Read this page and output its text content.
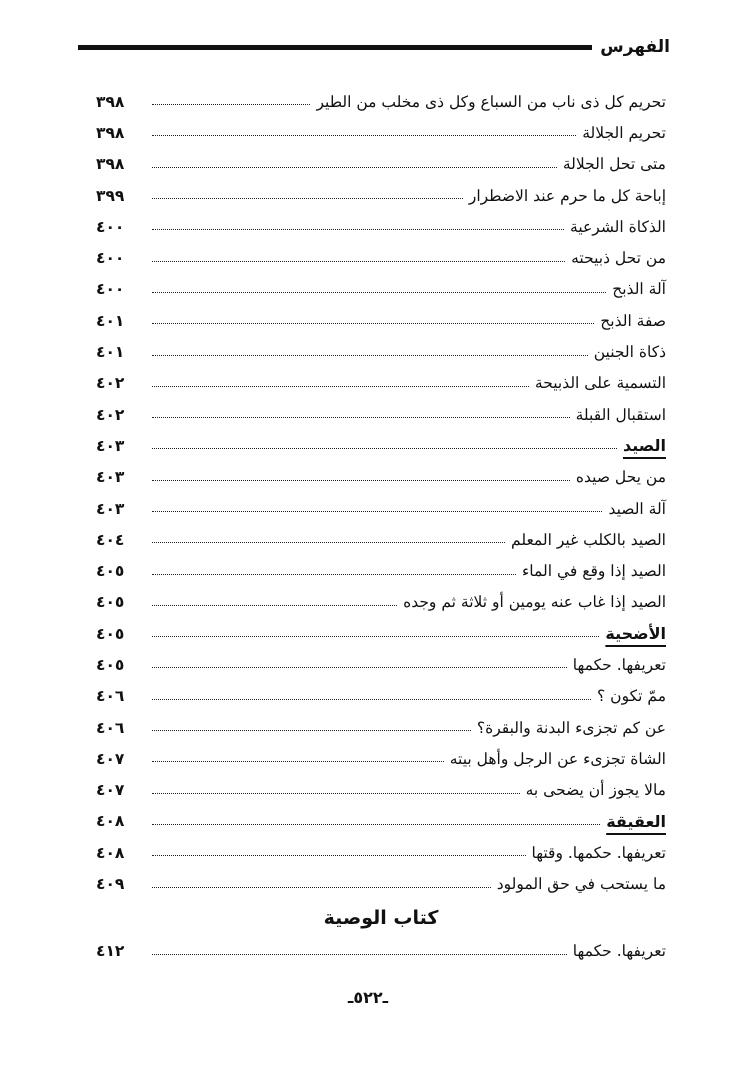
الفهرس
تحريم كل ذى ناب من السباع وكل ذى مخلب من الطير
٣٩٨
تحريم الجلالة
٣٩٨
متى تحل الجلالة
٣٩٨
إباحة كل ما حرم عند الاضطرار
٣٩٩
الذكاة الشرعية
٤٠٠
من تحل ذبيحته
٤٠٠
آلة الذبح
٤٠٠
صفة الذبح
٤٠١
ذكاة الجنين
٤٠١
التسمية على الذبيحة
٤٠٢
استقبال القبلة
٤٠٢
الصيد
٤٠٣
من يحل صيده
٤٠٣
آلة الصيد
٤٠٣
الصيد بالكلب غير المعلم
٤٠٤
الصيد إذا وقع في الماء
٤٠٥
الصيد إذا غاب عنه يومين أو ثلاثة ثم وجده
٤٠٥
الأضحية
٤٠٥
تعريفها. حكمها
٤٠٥
ممّ تكون ؟
٤٠٦
عن كم تجزىء البدنة والبقرة؟
٤٠٦
الشاة تجزىء عن الرجل وأهل بيته
٤٠٧
مالا يجوز أن يضحى به
٤٠٧
العقيقة
٤٠٨
تعريفها. حكمها. وقتها
٤٠٨
ما يستحب في حق المولود
٤٠٩
كتاب الوصية
تعريفها. حكمها
٤١٢
ـ٥٢٢ـ
